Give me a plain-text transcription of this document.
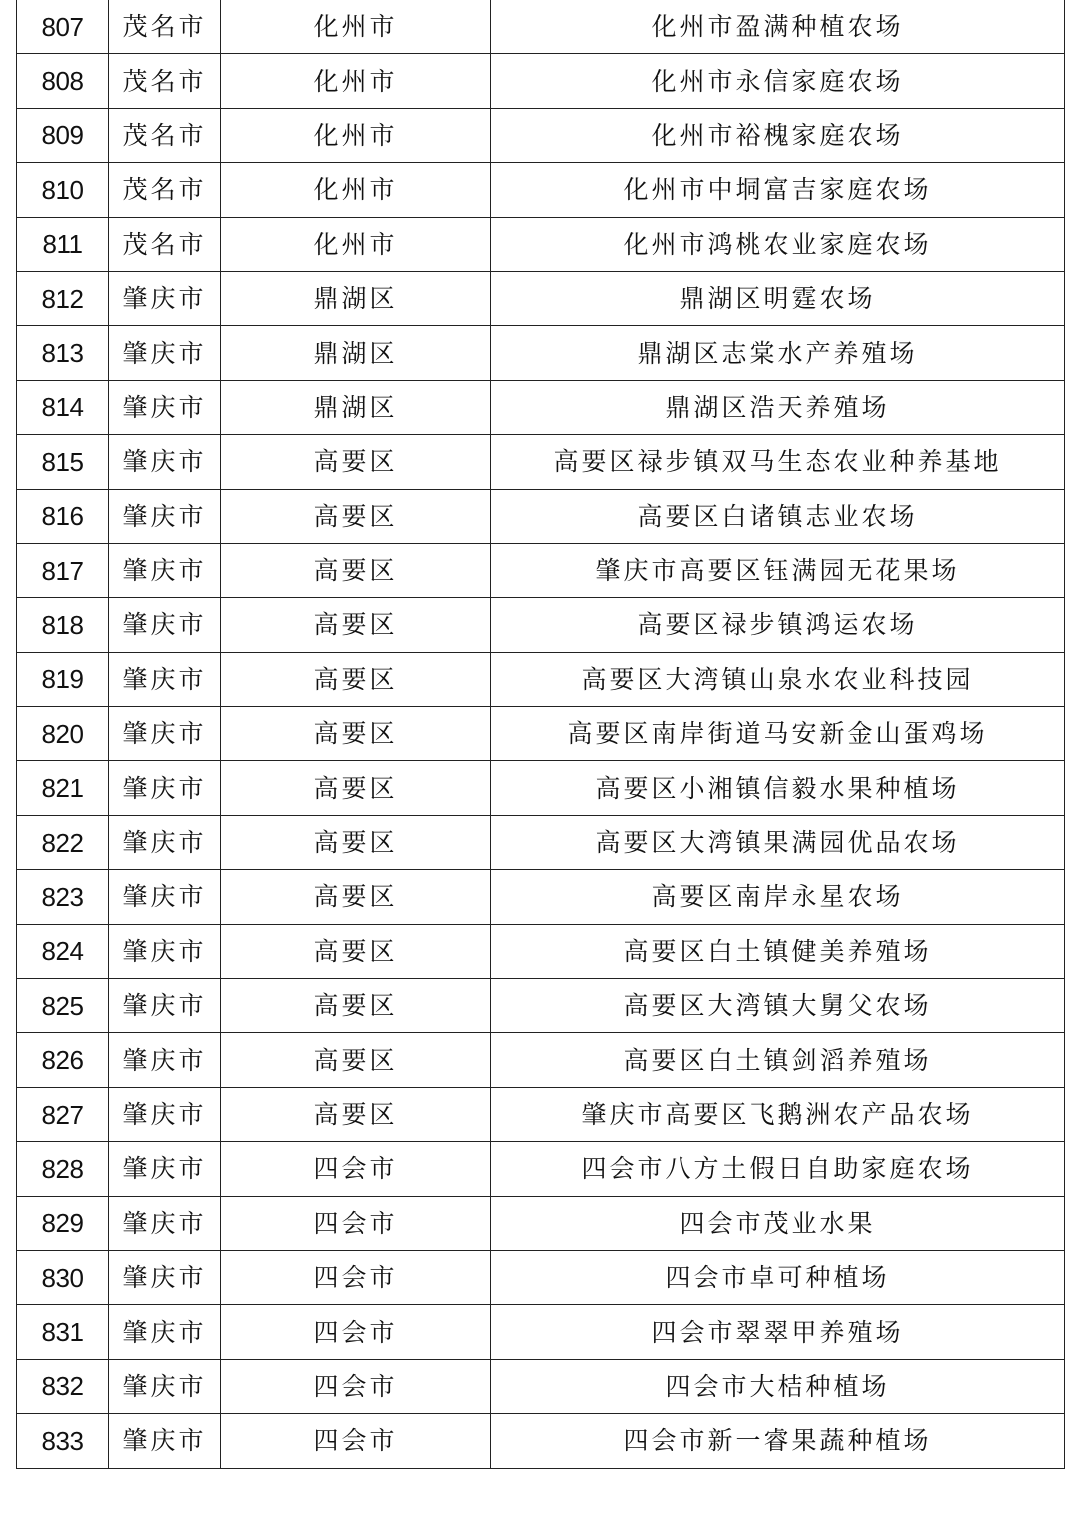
807	茂名市	化州市	化州市盈满种植农场
808	茂名市	化州市	化州市永信家庭农场
809	茂名市	化州市	化州市裕槐家庭农场
810	茂名市	化州市	化州市中垌富吉家庭农场
811	茂名市	化州市	化州市鸿桃农业家庭农场
812	肇庆市	鼎湖区	鼎湖区明霆农场
813	肇庆市	鼎湖区	鼎湖区志棠水产养殖场
814	肇庆市	鼎湖区	鼎湖区浩天养殖场
815	肇庆市	高要区	高要区禄步镇双马生态农业种养基地
816	肇庆市	高要区	高要区白诸镇志业农场
817	肇庆市	高要区	肇庆市高要区钰满园无花果场
818	肇庆市	高要区	高要区禄步镇鸿运农场
819	肇庆市	高要区	高要区大湾镇山泉水农业科技园
820	肇庆市	高要区	高要区南岸街道马安新金山蛋鸡场
821	肇庆市	高要区	高要区小湘镇信毅水果种植场
822	肇庆市	高要区	高要区大湾镇果满园优品农场
823	肇庆市	高要区	高要区南岸永星农场
824	肇庆市	高要区	高要区白土镇健美养殖场
825	肇庆市	高要区	高要区大湾镇大舅父农场
826	肇庆市	高要区	高要区白土镇剑滔养殖场
827	肇庆市	高要区	肇庆市高要区飞鹅洲农产品农场
828	肇庆市	四会市	四会市八方土假日自助家庭农场
829	肇庆市	四会市	四会市茂业水果
830	肇庆市	四会市	四会市卓可种植场
831	肇庆市	四会市	四会市翠翠甲养殖场
832	肇庆市	四会市	四会市大桔种植场
833	肇庆市	四会市	四会市新一睿果蔬种植场
